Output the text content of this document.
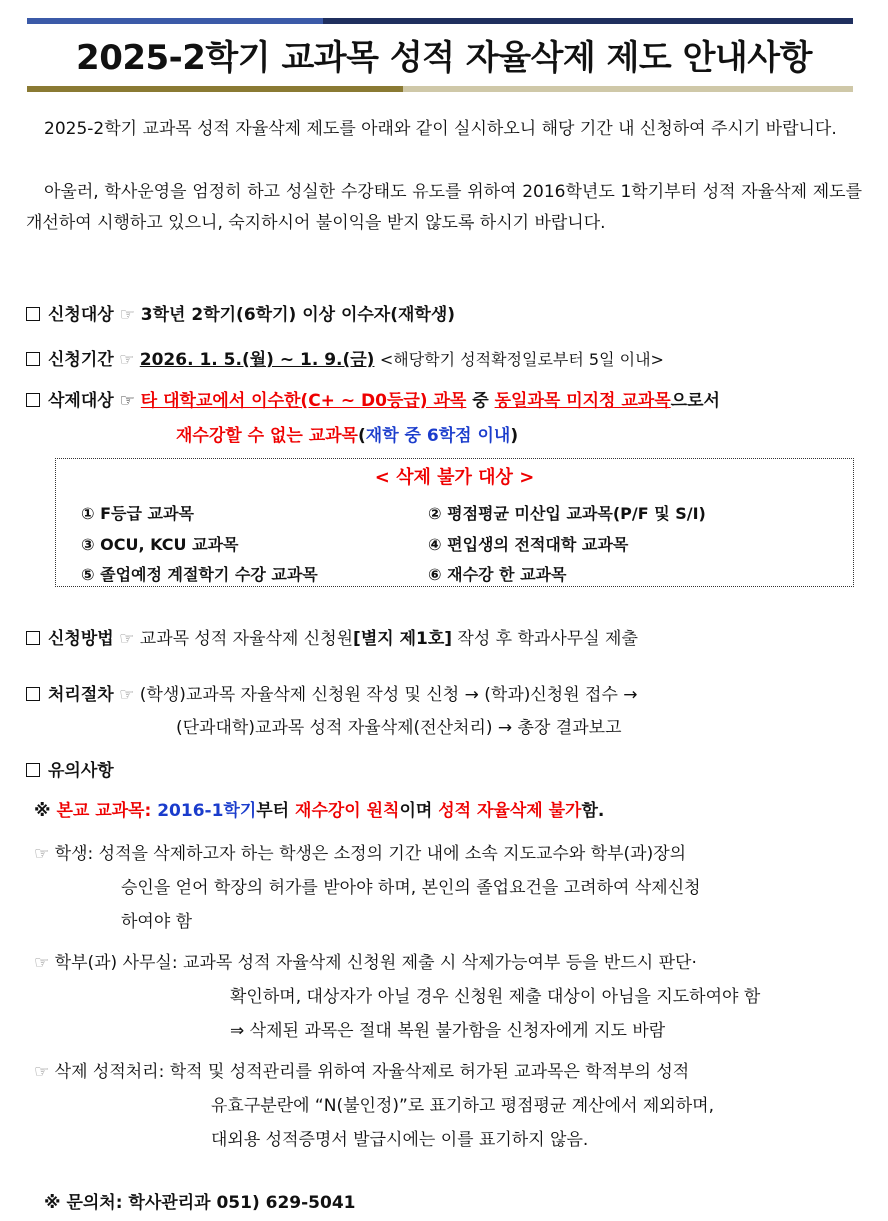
2025-2학기 교과목 성적 자율삭제 제도 안내사항
2025-2학기 교과목 성적 자율삭제 제도를 아래와 같이 실시하오니 해당 기간 내 신청하여 주시기 바랍니다.
아울러, 학사운영을 엄정히 하고 성실한 수강태도 유도를 위하여 2016학년도 1학기부터 성적 자율삭제 제도를 개선하여 시행하고 있으니, 숙지하시어 불이익을 받지 않도록 하시기 바랍니다.
신청대상 ☞ 3학년 2학기(6학기) 이상 이수자(재학생)
신청기간 ☞ 2026. 1. 5.(월) ~ 1. 9.(금) <해당학기 성적확정일로부터 5일 이내>
삭제대상 ☞ 타 대학교에서 이수한(C+ ~ D0등급) 과목 중 동일과목 미지정 교과목으로서
재수강할 수 없는 교과목(재학 중 6학점 이내)
< 삭제 불가 대상 >
① F등급 교과목	② 평점평균 미산입 교과목(P/F 및 S/I)
③ OCU, KCU 교과목	④ 편입생의 전적대학 교과목
⑤ 졸업예정 계절학기 수강 교과목	⑥ 재수강 한 교과목
신청방법 ☞ 교과목 성적 자율삭제 신청원[별지 제1호] 작성 후 학과사무실 제출
처리절차 ☞ (학생)교과목 자율삭제 신청원 작성 및 신청 → (학과)신청원 접수 →
(단과대학)교과목 성적 자율삭제(전산처리) → 총장 결과보고
유의사항
※ 본교 교과목: 2016-1학기부터 재수강이 원칙이며 성적 자율삭제 불가함.
☞ 학생: 성적을 삭제하고자 하는 학생은 소정의 기간 내에 소속 지도교수와 학부(과)장의
승인을 얻어 학장의 허가를 받아야 하며, 본인의 졸업요건을 고려하여 삭제신청
하여야 함
☞ 학부(과) 사무실: 교과목 성적 자율삭제 신청원 제출 시 삭제가능여부 등을 반드시 판단·
확인하며, 대상자가 아닐 경우 신청원 제출 대상이 아님을 지도하여야 함
⇒ 삭제된 과목은 절대 복원 불가함을 신청자에게 지도 바람
☞ 삭제 성적처리: 학적 및 성적관리를 위하여 자율삭제로 허가된 교과목은 학적부의 성적
유효구분란에 “N(불인정)”로 표기하고 평점평균 계산에서 제외하며,
대외용 성적증명서 발급시에는 이를 표기하지 않음.
※ 문의처: 학사관리과 051) 629-5041
